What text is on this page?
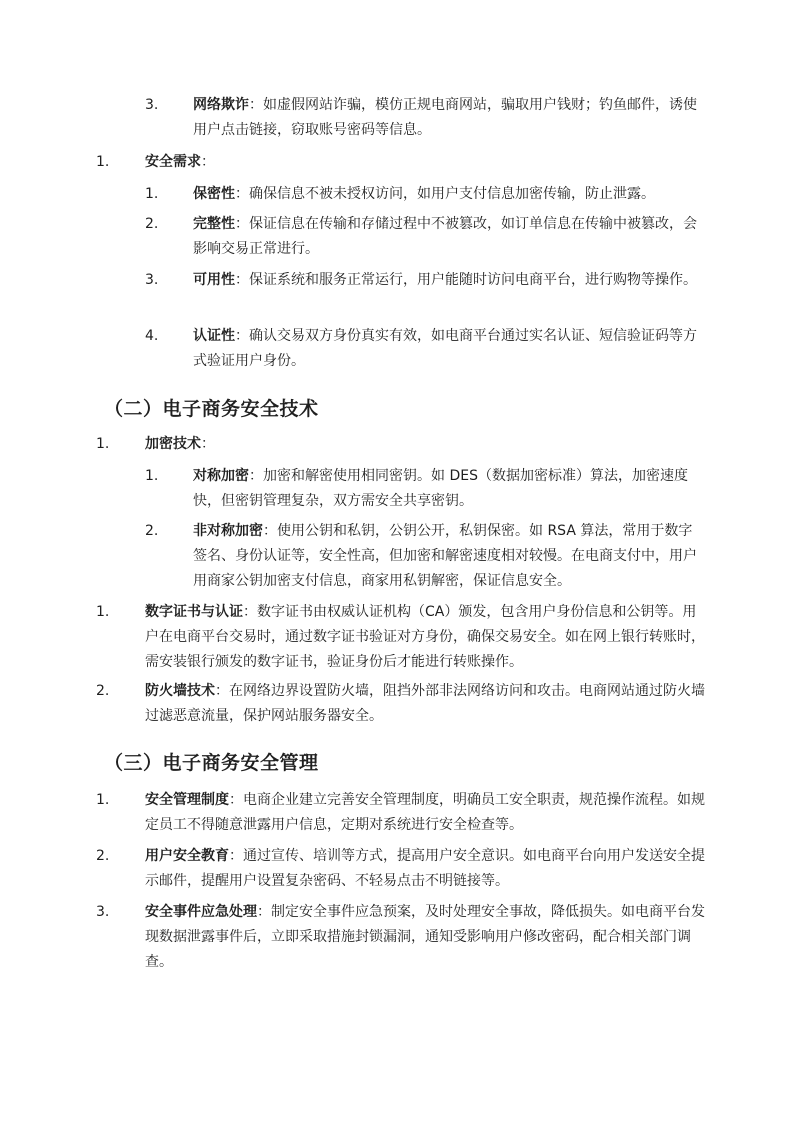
3. 网络欺诈：如虚假网站诈骗，模仿正规电商网站，骗取用户钱财；钓鱼邮件，诱使用户点击链接，窃取账号密码等信息。
1.	安全需求：
1. 保密性：确保信息不被未授权访问，如用户支付信息加密传输，防止泄露。
2. 完整性：保证信息在传输和存储过程中不被篡改，如订单信息在传输中被篡改，会影响交易正常进行。
3. 可用性：保证系统和服务正常运行，用户能随时访问电商平台，进行购物等操作。
4. 认证性：确认交易双方身份真实有效，如电商平台通过实名认证、短信验证码等方式验证用户身份。
（二）电子商务安全技术
1.	加密技术：
1. 对称加密：加密和解密使用相同密钥。如 DES（数据加密标准）算法，加密速度快，但密钥管理复杂，双方需安全共享密钥。
2. 非对称加密：使用公钥和私钥，公钥公开，私钥保密。如 RSA 算法，常用于数字签名、身份认证等，安全性高，但加密和解密速度相对较慢。在电商支付中，用户用商家公钥加密支付信息，商家用私钥解密，保证信息安全。
1.	数字证书与认证：数字证书由权威认证机构（CA）颁发，包含用户身份信息和公钥等。用户在电商平台交易时，通过数字证书验证对方身份，确保交易安全。如在网上银行转账时，需安装银行颁发的数字证书，验证身份后才能进行转账操作。
2.	防火墙技术：在网络边界设置防火墙，阻挡外部非法网络访问和攻击。电商网站通过防火墙过滤恶意流量，保护网站服务器安全。
（三）电子商务安全管理
1.	安全管理制度：电商企业建立完善安全管理制度，明确员工安全职责，规范操作流程。如规定员工不得随意泄露用户信息，定期对系统进行安全检查等。
2.	用户安全教育：通过宣传、培训等方式，提高用户安全意识。如电商平台向用户发送安全提示邮件，提醒用户设置复杂密码、不轻易点击不明链接等。
3.	安全事件应急处理：制定安全事件应急预案，及时处理安全事故，降低损失。如电商平台发现数据泄露事件后，立即采取措施封锁漏洞，通知受影响用户修改密码，配合相关部门调查。
